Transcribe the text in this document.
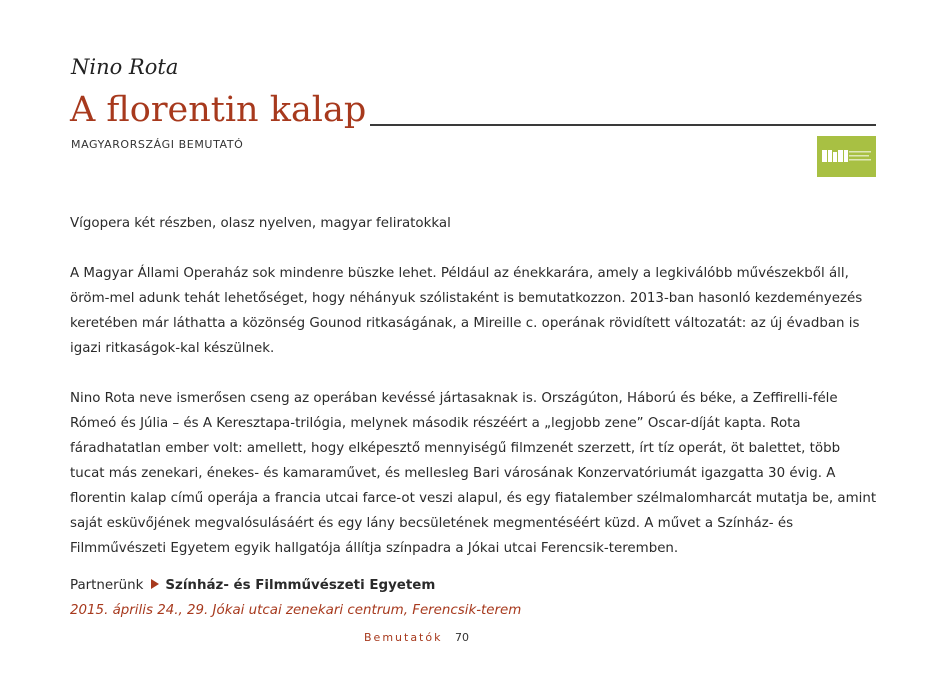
Nino Rota
A florentin kalap
MAGYARORSZÁGI BEMUTATÓ

Vígopera két részben, olasz nyelven, magyar feliratokkal

A Magyar Állami Operaház sok mindenre büszke lehet. Például az énekkarára, amely a legkiválóbb művészekből áll, öröm-mel adunk tehát lehetőséget, hogy néhányuk szólistaként is bemutatkozzon. 2013-ban hasonló kezdeményezés keretében már láthatta a közönség Gounod ritkaságának, a Mireille c. operának rövidített változatát: az új évadban is igazi ritkaságok-kal készülnek.

Nino Rota neve ismerősen cseng az operában kevéssé jártasaknak is. Országúton, Háború és béke, a Zeffirelli-féle Rómeó és Júlia – és A Keresztapa-trilógia, melynek második részéért a „legjobb zene” Oscar-díját kapta. Rota fáradhatatlan ember volt: amellett, hogy elképesztő mennyiségű filmzenét szerzett, írt tíz operát, öt balettet, több tucat más zenekari, énekes- és kamaraművet, és mellesleg Bari városának Konzervatóriumát igazgatta 30 évig. A florentin kalap című operája a francia utcai farce-ot veszi alapul, és egy fiatalember szélmalomharcát mutatja be, amint saját esküvőjének megvalósulásáért és egy lány becsületének megmentéséért küzd. A művet a Színház- és Filmművészeti Egyetem egyik hallgatója állítja színpadra a Jókai utcai Ferencsik-teremben.

Partnerünk Színház- és Filmművészeti Egyetem
2015. április 24., 29. Jókai utcai zenekari centrum, Ferencsik-terem
Bemutatók 70
